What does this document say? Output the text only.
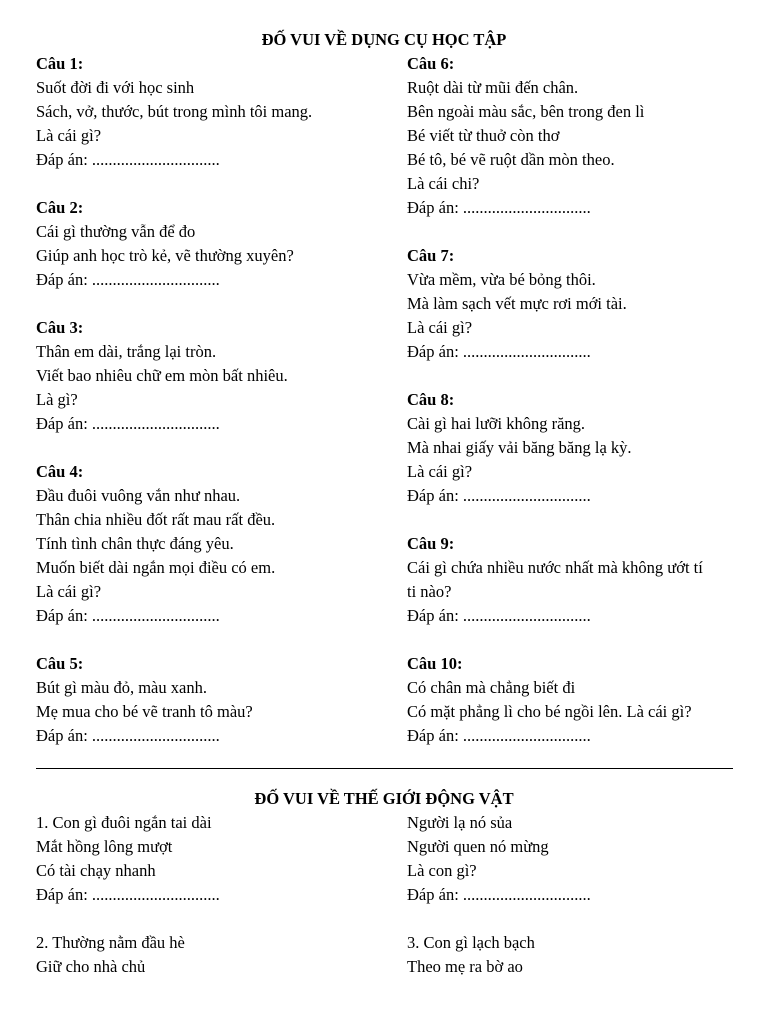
ĐỐ VUI VỀ DỤNG CỤ HỌC TẬP
Câu 1:
Suốt đời đi với học sinh
Sách, vở, thước, bút trong mình tôi mang.
Là cái gì?
Đáp án: ...............................
Câu 2:
Cái gì thường vẫn để đo
Giúp anh học trò kẻ, vẽ thường xuyên?
Đáp án: ...............................
Câu 3:
Thân em dài, trắng lại tròn.
Viết bao nhiêu chữ em mòn bất nhiêu.
Là gì?
Đáp án: ...............................
Câu 4:
Đầu đuôi vuông vắn như nhau.
Thân chia nhiều đốt rất mau rất đều.
Tính tình chân thực đáng yêu.
Muốn biết dài ngắn mọi điều có em.
Là cái gì?
Đáp án: ...............................
Câu 5:
Bút gì màu đỏ, màu xanh.
Mẹ mua cho bé vẽ tranh tô màu?
Đáp án: ...............................
Câu 6:
Ruột dài từ mũi đến chân.
Bên ngoài màu sắc, bên trong đen lì
Bé viết từ thuở còn thơ
Bé tô, bé vẽ ruột dần mòn theo.
Là cái chi?
Đáp án: ...............................
Câu 7:
Vừa mềm, vừa bé bỏng thôi.
Mà làm sạch vết mực rơi mới tài.
Là cái gì?
Đáp án: ...............................
Câu 8:
Cài gì hai lưỡi không răng.
Mà nhai giấy vải băng băng lạ kỳ.
Là cái gì?
Đáp án: ...............................
Câu 9:
Cái gì chứa nhiều nước nhất mà không ướt tí
ti nào?
Đáp án: ...............................
Câu 10:
Có chân mà chẳng biết đi
Có mặt phẳng lì cho bé ngồi lên. Là cái gì?
Đáp án: ...............................
ĐỐ VUI VỀ THẾ GIỚI ĐỘNG VẬT
1. Con gì đuôi ngắn tai dài
Mắt hồng lông mượt
Có tài chạy nhanh
Đáp án: ...............................
2. Thường nằm đầu hè
Giữ cho nhà chủ
Người lạ nó sủa
Người quen nó mừng
Là con gì?
Đáp án: ...............................
3. Con gì lạch bạch
Theo mẹ ra bờ ao
